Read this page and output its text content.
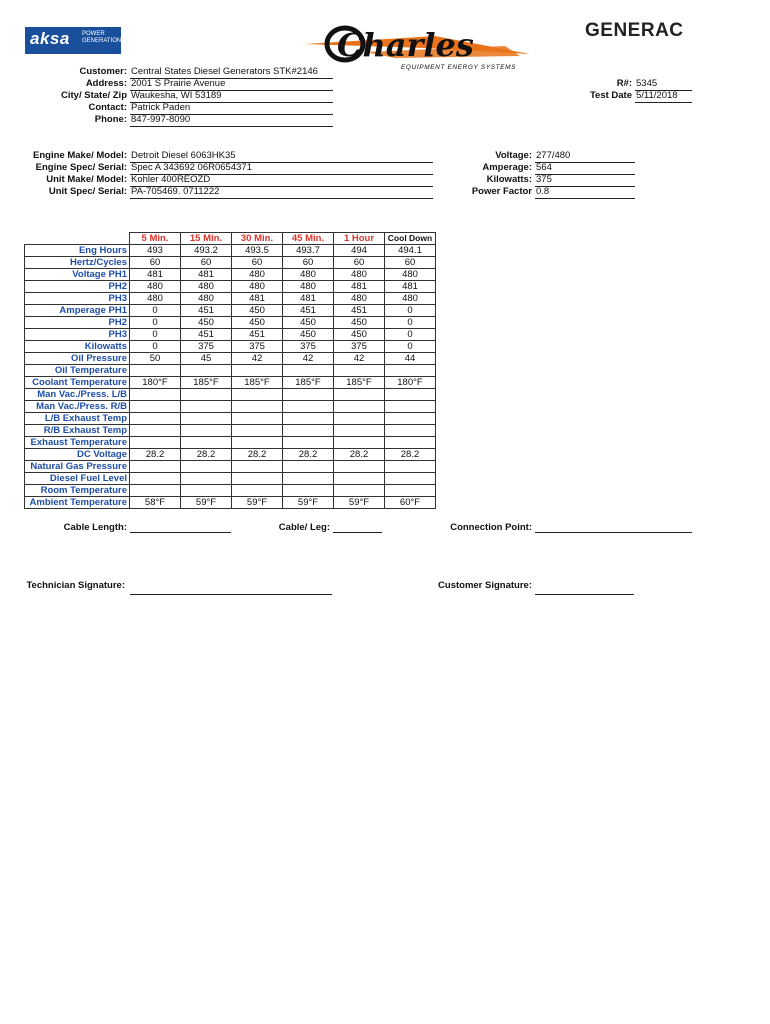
aksa POWER
GENERATION	Charles
EQUIPMENT ENERGY SYSTEMS
GENERAC
Customer: Central States Diesel Generators STK#2146
Address: 2001 S Prairie Avenue
City/ State/ Zip Waukesha, WI 53189
Contact: Patrick Paden
Phone: 847-997-8090
R#: 5345
Test Date 5/11/2018
Engine Make/ Model: Detroit Diesel 6063HK35
Engine Spec/ Serial: Spec A 343692 06R0654371
Unit Make/ Model: Kohler 400REOZD
Unit Spec/ Serial: PA-705469. 0711222
Voltage: 277/480
Amperage: 564
Kilowatts: 375
Power Factor 0.8
	5 Min.	15 Min.	30 Min.	45 Min.	1 Hour	Cool Down
Eng Hours	493	493.2	493.5	493.7	494	494.1
Hertz/Cycles	60	60	60	60	60	60
Voltage PH1	481	481	480	480	480	480
PH2	480	480	480	480	481	481
PH3	480	480	481	481	480	480
Amperage PH1	0	451	450	451	451	0
PH2	0	450	450	450	450	0
PH3	0	451	451	450	450	0
Kilowatts	0	375	375	375	375	0
Oil Pressure	50	45	42	42	42	44
Oil Temperature						
Coolant Temperature	180°F	185°F	185°F	185°F	185°F	180°F
Man Vac./Press. L/B						
Man Vac./Press. R/B						
L/B Exhaust Temp						
R/B Exhaust Temp						
Exhaust Temperature						
DC Voltage	28.2	28.2	28.2	28.2	28.2	28.2
Natural Gas Pressure						
Diesel Fuel Level						
Room Temperature						
Ambient Temperature	58°F	59°F	59°F	59°F	59°F	60°F
Cable Length:	Cable/ Leg:	Connection Point:
Technician Signature:	Customer Signature:
